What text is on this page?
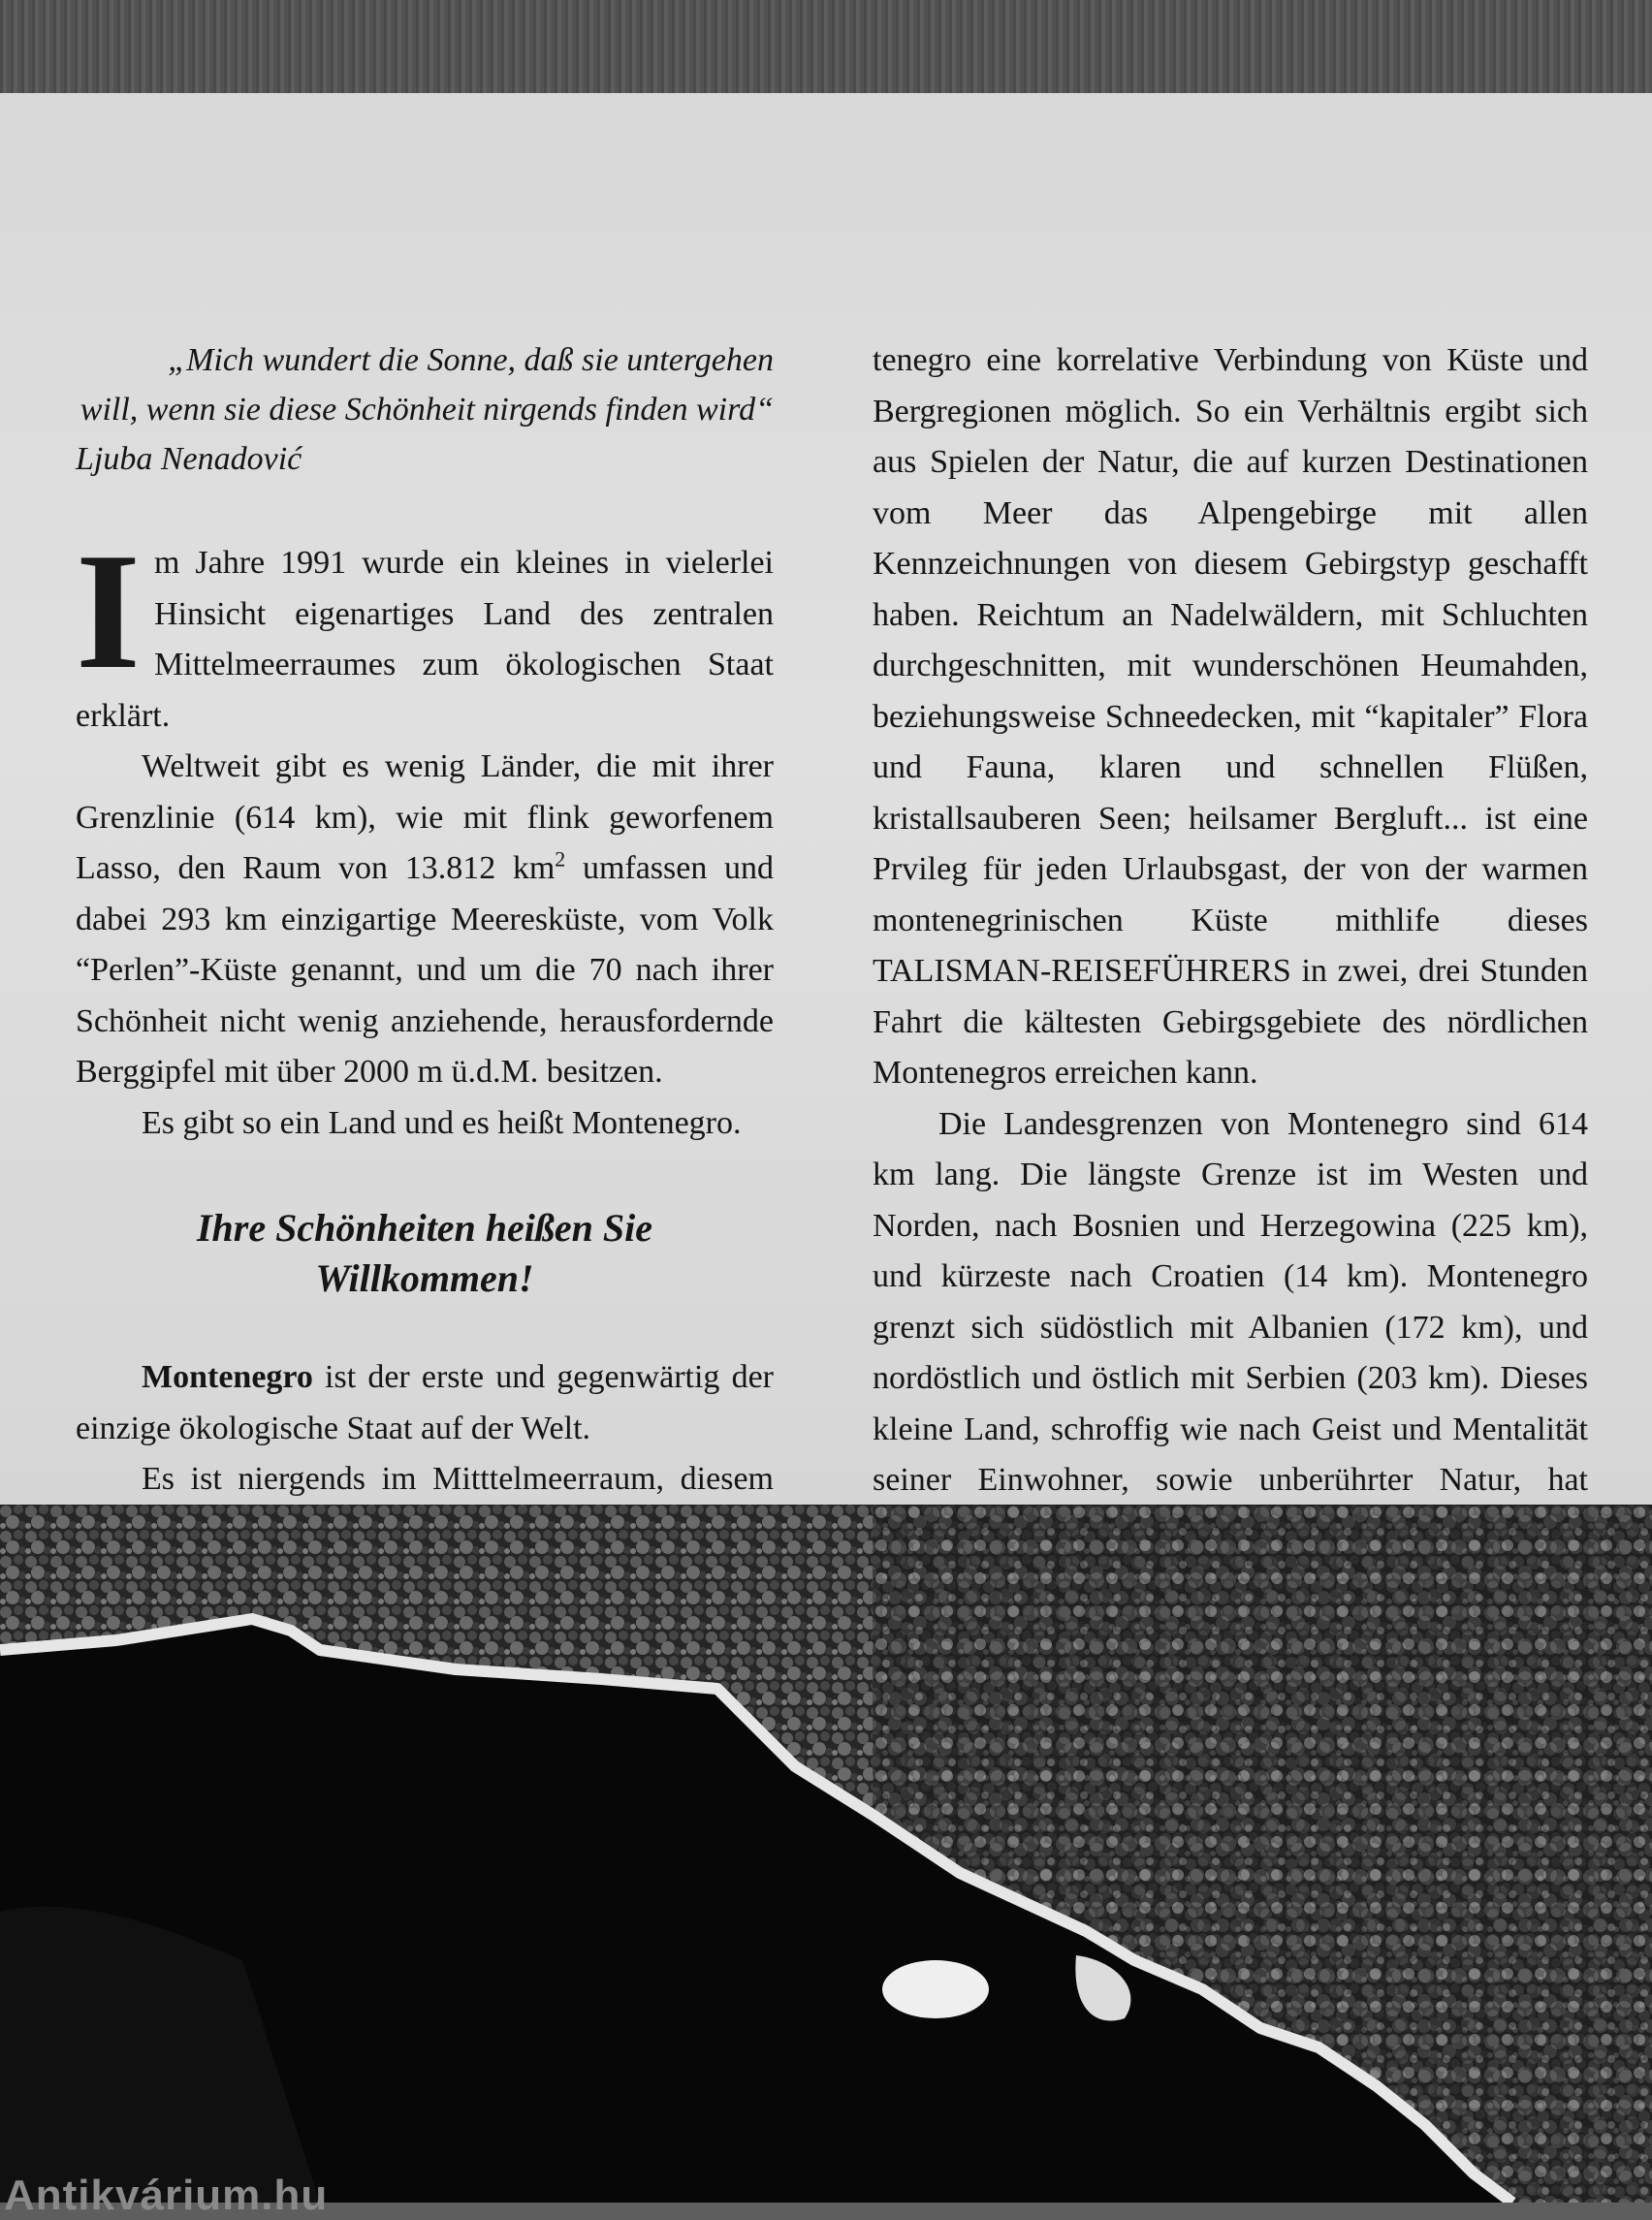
„Mich wundert die Sonne, daß sie untergehen

will, wenn sie diese Schönheit nirgends finden wird“

Ljuba Nenadović

Im Jahre 1991 wurde ein kleines in vielerlei Hinsicht eigenartiges Land des zentralen Mittelmeerraumes zum ökologischen Staat erklärt.

Weltweit gibt es wenig Länder, die mit ihrer Grenzlinie (614 km), wie mit flink geworfenem Lasso, den Raum von 13.812 $km^2$ umfassen und dabei 293 km einzigartige Meeresküste, vom Volk “Perlen”-Küste genannt, und um die 70 nach ihrer Schönheit nicht wenig anziehende, herausfordernde Berggipfel mit über 2000 m ü.d.M. besitzen.

Es gibt so ein Land und es heißt Montenegro.

Ihre Schönheiten heißen Sie
Willkommen!

Montenegro ist der erste und gegenwärtig der einzige ökologische Staat auf der Welt.

Es ist niergends im Mitttelmeerraum, diesem

tenegro eine korrelative Verbindung von Küste und Bergregionen möglich. So ein Verhältnis ergibt sich aus Spielen der Natur, die auf kurzen Destinationen vom Meer das Alpengebirge mit allen Kennzeichnungen von diesem Gebirgstyp geschafft haben. Reichtum an Nadelwäldern, mit Schluchten durchgeschnitten, mit wunderschönen Heumahden, beziehungsweise Schneedecken, mit “kapitaler” Flora und Fauna, klaren und schnellen Flüßen, kristallsauberen Seen; heilsamer Bergluft... ist eine Prvileg für jeden Urlaubsgast, der von der warmen montenegrinischen Küste mithlife dieses TALISMAN-REISEFÜHRERS in zwei, drei Stunden Fahrt die kältesten Gebirgsgebiete des nördlichen Montenegros erreichen kann.

Die Landesgrenzen von Montenegro sind 614 km lang. Die längste Grenze ist im Westen und Norden, nach Bosnien und Herzegowina (225 km), und kürzeste nach Croatien (14 km). Montenegro grenzt sich südöstlich mit Albanien (172 km), und nordöstlich und östlich mit Serbien (203 km). Dieses kleine Land, schroffig wie nach Geist und Mentalität seiner Einwohner, sowie unberührter Natur, hat

Antikvárium.hu
